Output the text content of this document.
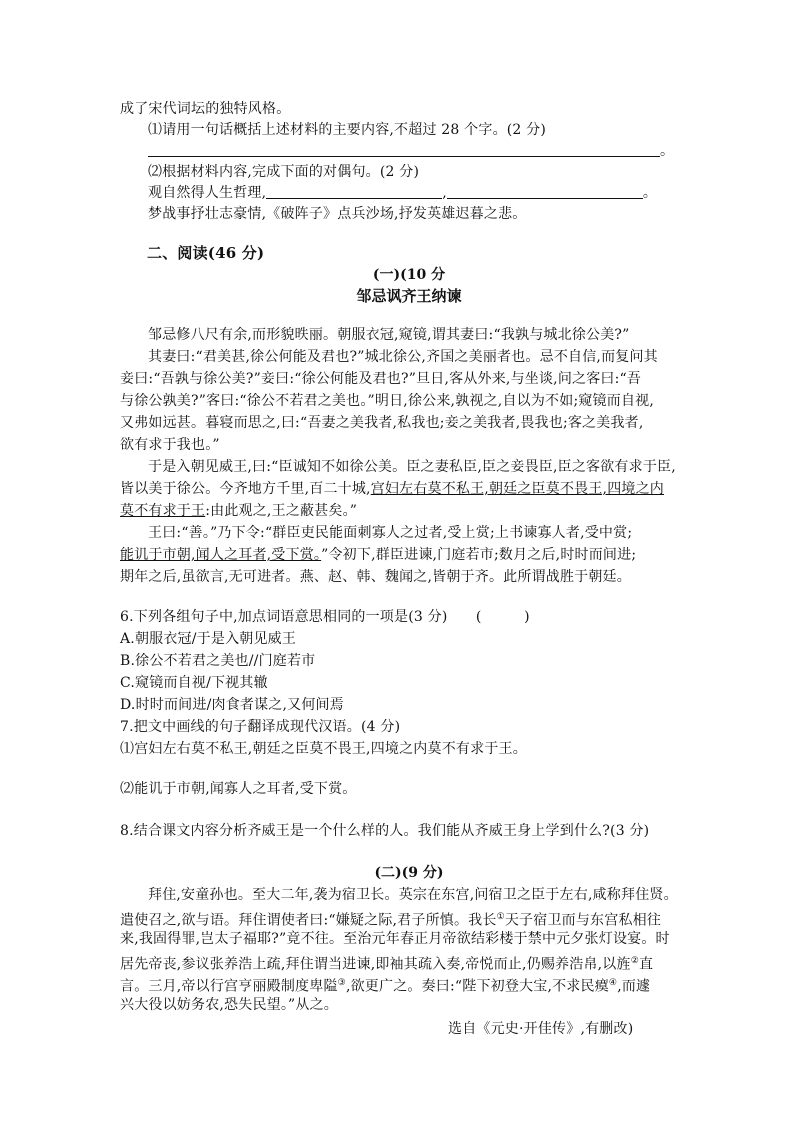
成了宋代词坛的独特风格。
⑴请用一句话概括上述材料的主要内容,不超过 28 个字。(2 分)
。
⑵根据材料内容,完成下面的对偶句。(2 分)
观自然得人生哲理,	,	。
梦战事抒壮志豪情,《破阵子》点兵沙场,抒发英雄迟暮之悲。
二、阅读(46 分)
(一)(10 分
邹忌讽齐王纳谏
邹忌修八尺有余,而形貌昳丽。朝服衣冠,窥镜,谓其妻曰:“我孰与城北徐公美?”
其妻曰:“君美甚,徐公何能及君也?”城北徐公,齐国之美丽者也。忌不自信,而复问其
妾曰:“吾孰与徐公美?”妾曰:“徐公何能及君也?”旦日,客从外来,与坐谈,问之客曰:“吾
与徐公孰美?”客曰:“徐公不若君之美也。”明日,徐公来,孰视之,自以为不如;窥镜而自视,
又弗如远甚。暮寝而思之,曰:“吾妻之美我者,私我也;妾之美我者,畏我也;客之美我者,
欲有求于我也。”
于是入朝见威王,曰:“臣诚知不如徐公美。臣之妻私臣,臣之妾畏臣,臣之客欲有求于臣,
皆以美于徐公。今齐地方千里,百二十城,宫妇左右莫不私王,朝廷之臣莫不畏王,四境之内
莫不有求于王:由此观之,王之蔽甚矣。”
王曰:“善。”乃下令:“群臣吏民能面刺寡人之过者,受上赏;上书谏寡人者,受中赏;
能讥于市朝,闻人之耳者,受下赏。”令初下,群臣进谏,门庭若市;数月之后,时时而间进;
期年之后,虽欲言,无可进者。燕、赵、韩、魏闻之,皆朝于齐。此所谓战胜于朝廷。
6.下列各组句子中,加点词语意思相同的一项是(3 分)　　(　　　)
A.朝服衣冠/于是入朝见威王
B.徐公不若君之美也//门庭若市
C.窥镜而自视/下视其辙
D.时时而间进/肉食者谋之,又何间焉
7.把文中画线的句子翻译成现代汉语。(4 分)
⑴宫妇左右莫不私王,朝廷之臣莫不畏王,四境之内莫不有求于王。
⑵能讥于市朝,闻寡人之耳者,受下赏。
8.结合课文内容分析齐威王是一个什么样的人。我们能从齐威王身上学到什么?(3 分)
(二)(9 分)
拜住,安童孙也。至大二年,袭为宿卫长。英宗在东宫,问宿卫之臣于左右,咸称拜住贤。
遣使召之,欲与语。拜住谓使者曰:“嫌疑之际,君子所慎。我长①天子宿卫而与东宫私相往
来,我固得罪,岂太子福耶?”竟不往。至治元年春正月帝欲结彩楼于禁中元夕张灯设宴。时
居先帝丧,参议张养浩上疏,拜住谓当进谏,即袖其疏入奏,帝悦而止,仍赐养浩帛,以旌②直
言。三月,帝以行宫亨丽殿制度卑隘③,欲更广之。奏曰:“陛下初登大宝,不求民瘼④,而遽
兴大役以妨务农,恐失民望。”从之。
选自《元史·开佳传》,有删改)
